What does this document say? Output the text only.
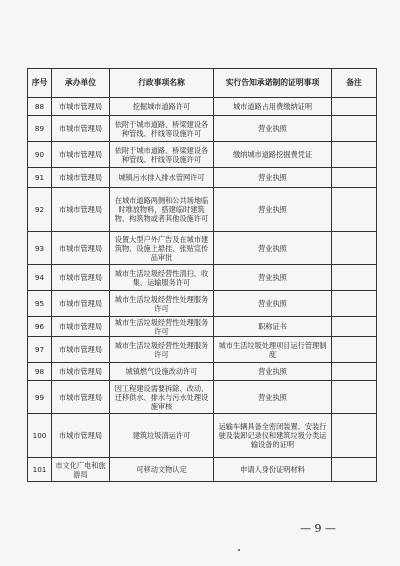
序号	承办单位	行政事项名称	实行告知承诺制的证明事项	备注
88	市城市管理局	挖掘城市道路许可	城市道路占用费缴纳证明	
89	市城市管理局	依附于城市道路、桥梁建设各种管线、杆线等设施许可	营业执照	
90	市城市管理局	依附于城市道路、桥梁建设各种管线、杆线等设施许可	缴纳城市道路挖掘费凭证	
91	市城市管理局	城镇污水排入排水管网许可	营业执照	
92	市城市管理局	在城市道路两侧和公共场地临时堆放物料，搭建临时建筑物、构筑物或者其他设施许可	营业执照	
93	市城市管理局	设置大型户外广告及在城市建筑物、设施上悬挂、张贴宣传品审批	营业执照	
94	市城市管理局	城市生活垃圾经营性清扫、收集、运输服务许可	营业执照	
95	市城市管理局	城市生活垃圾经营性处理服务许可	营业执照	
96	市城市管理局	城市生活垃圾经营性处理服务许可	职称证书	
97	市城市管理局	城市生活垃圾经营性处理服务许可	城市生活垃圾处理项目运行管理制度	
98	市城市管理局	城镇燃气设施改动许可	营业执照	
99	市城市管理局	因工程建设需要拆除、改动、迁移供水、排水与污水处理设施审核	营业执照	
100	市城市管理局	建筑垃圾清运许可	运输车辆具备全密闭装置、安装行驶及装卸记录仪和建筑垃圾分类运输设备的证明	
101	市文化广电和旅游局	可移动文物认定	申请人身份证明材料	
— 9 —
